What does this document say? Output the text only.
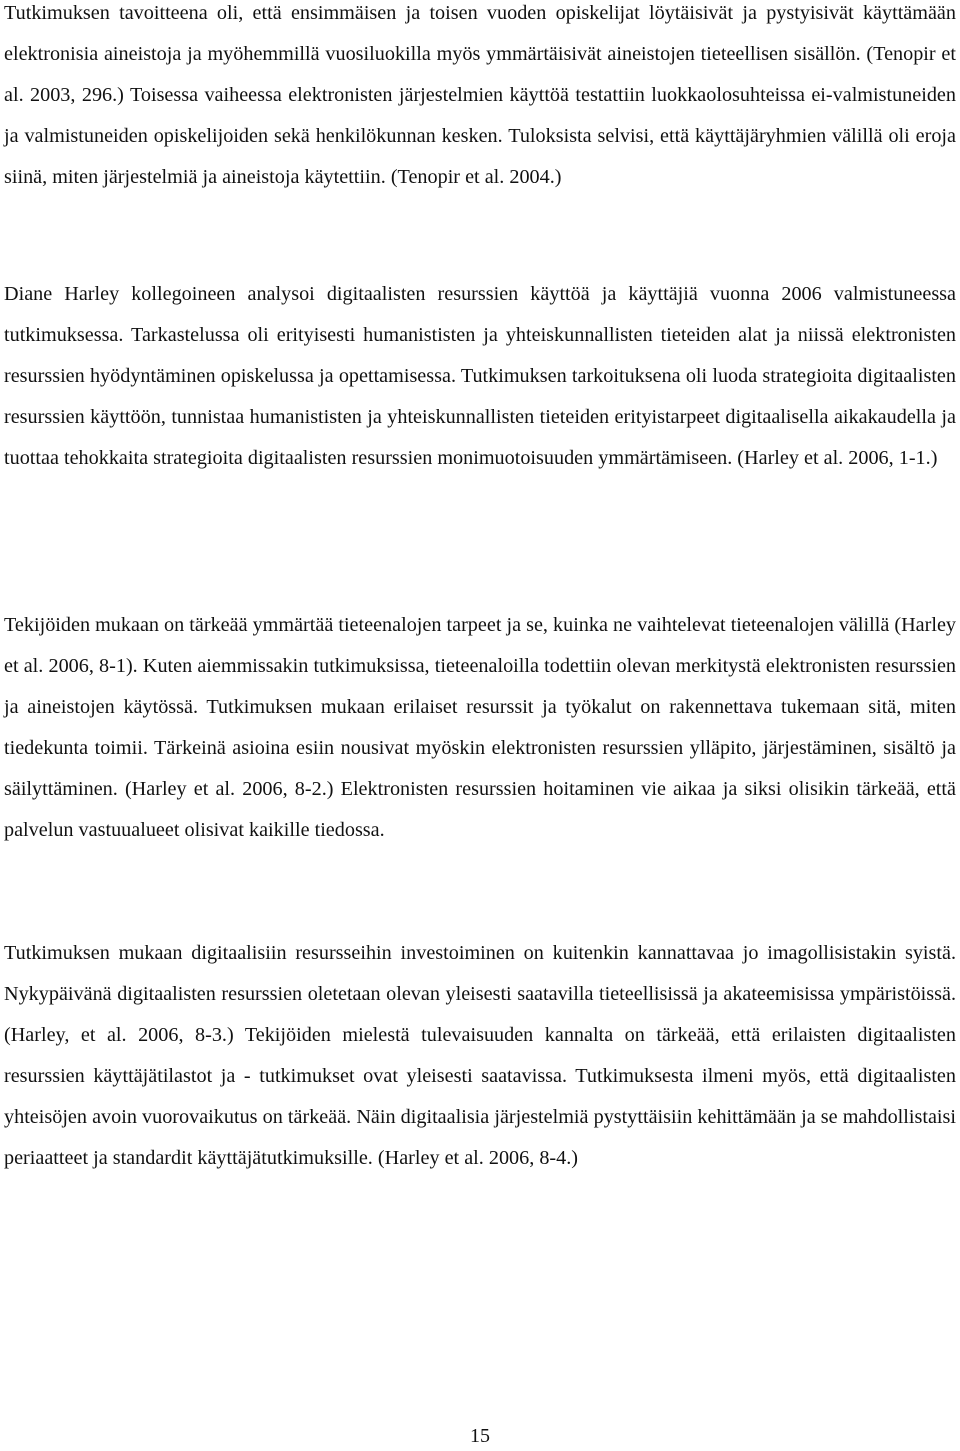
Tutkimuksen tavoitteena oli, että ensimmäisen ja toisen vuoden opiskelijat löytäisivät ja pystyisivät käyttämään elektronisia aineistoja ja myöhemmillä vuosiluokilla myös ymmärtäisivät aineistojen tieteellisen sisällön. (Tenopir et al. 2003, 296.) Toisessa vaiheessa elektronisten järjestelmien käyttöä testattiin luokkaolosuhteissa ei-valmistuneiden ja valmistuneiden opiskelijoiden sekä henkilökunnan kesken. Tuloksista selvisi, että käyttäjäryhmien välillä oli eroja siinä, miten järjestelmiä ja aineistoja käytettiin. (Tenopir et al. 2004.)

Diane Harley kollegoineen analysoi digitaalisten resurssien käyttöä ja käyttäjiä vuonna 2006 valmistuneessa tutkimuksessa. Tarkastelussa oli erityisesti humanististen ja yhteiskunnallisten tieteiden alat ja niissä elektronisten resurssien hyödyntäminen opiskelussa ja opettamisessa. Tutkimuksen tarkoituksena oli luoda strategioita digitaalisten resurssien käyttöön, tunnistaa humanististen ja yhteiskunnallisten tieteiden erityistarpeet digitaalisella aikakaudella ja tuottaa tehokkaita strategioita digitaalisten resurssien monimuotoisuuden ymmärtämiseen. (Harley et al. 2006, 1-1.)

Tekijöiden mukaan on tärkeää ymmärtää tieteenalojen tarpeet ja se, kuinka ne vaihtelevat tieteenalojen välillä (Harley et al. 2006, 8-1). Kuten aiemmissakin tutkimuksissa, tieteenaloilla todettiin olevan merkitystä elektronisten resurssien ja aineistojen käytössä. Tutkimuksen mukaan erilaiset resurssit ja työkalut on rakennettava tukemaan sitä, miten tiedekunta toimii. Tärkeinä asioina esiin nousivat myöskin elektronisten resurssien ylläpito, järjestäminen, sisältö ja säilyttäminen. (Harley et al. 2006, 8-2.) Elektronisten resurssien hoitaminen vie aikaa ja siksi olisikin tärkeää, että palvelun vastuualueet olisivat kaikille tiedossa.

Tutkimuksen mukaan digitaalisiin resursseihin investoiminen on kuitenkin kannattavaa jo imagollisistakin syistä. Nykypäivänä digitaalisten resurssien oletetaan olevan yleisesti saatavilla tieteellisissä ja akateemisissa ympäristöissä. (Harley, et al. 2006, 8-3.) Tekijöiden mielestä tulevaisuuden kannalta on tärkeää, että erilaisten digitaalisten resurssien käyttäjätilastot ja - tutkimukset ovat yleisesti saatavissa. Tutkimuksesta ilmeni myös, että digitaalisten yhteisöjen avoin vuorovaikutus on tärkeää. Näin digitaalisia järjestelmiä pystyttäisiin kehittämään ja se mahdollistaisi periaatteet ja standardit käyttäjätutkimuksille. (Harley et al. 2006, 8-4.)

15
